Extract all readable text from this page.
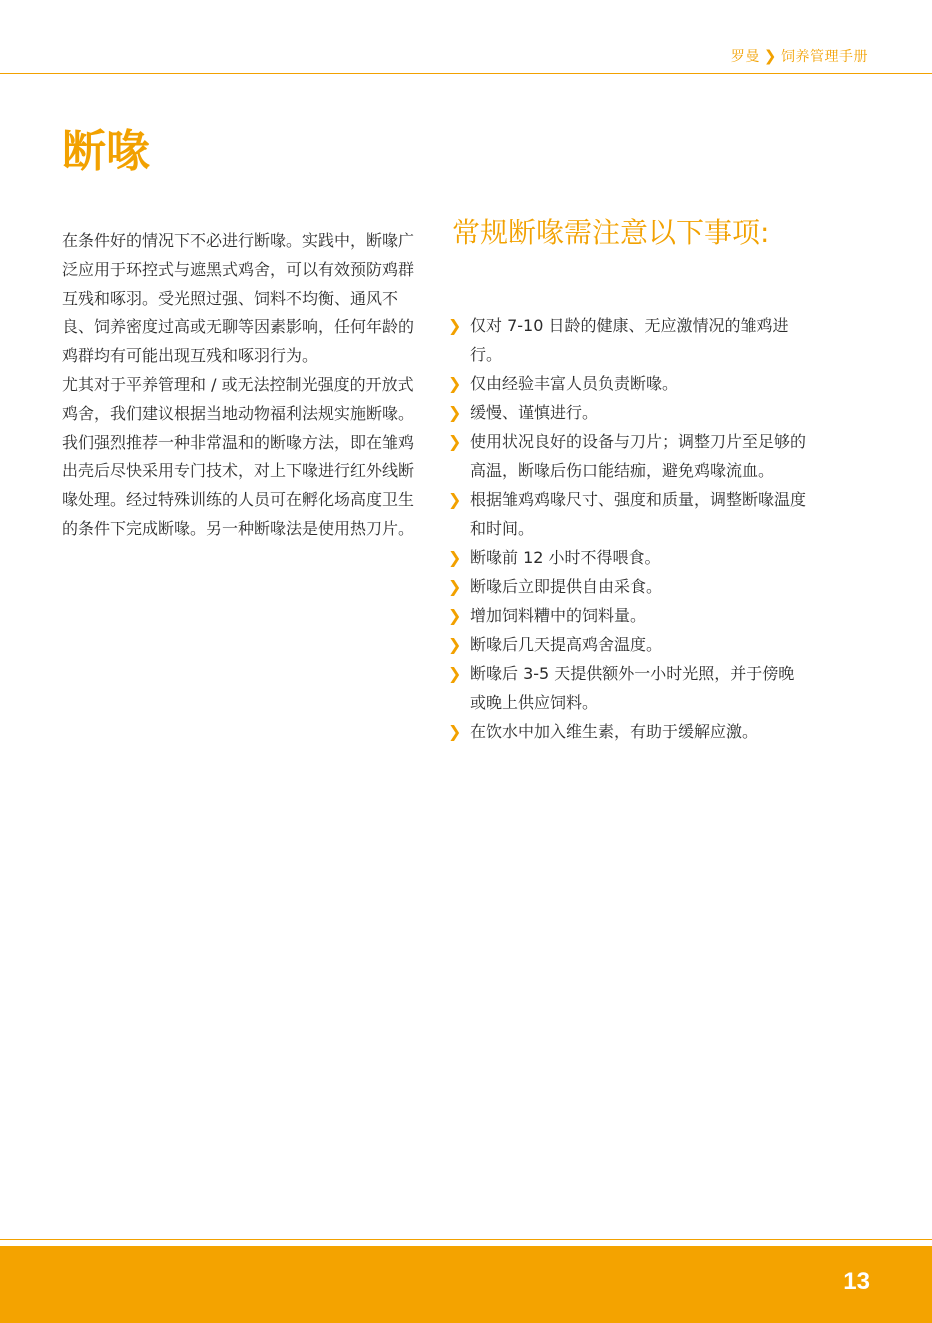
罗曼 ❯ 饲养管理手册
断喙

在条件好的情况下不必进行断喙。实践中，断喙广泛应用于环控式与遮黑式鸡舍，可以有效预防鸡群互残和啄羽。受光照过强、饲料不均衡、通风不良、饲养密度过高或无聊等因素影响，任何年龄的鸡群均有可能出现互残和啄羽行为。

尤其对于平养管理和 / 或无法控制光强度的开放式鸡舍，我们建议根据当地动物福利法规实施断喙。我们强烈推荐一种非常温和的断喙方法，即在雏鸡出壳后尽快采用专门技术，对上下喙进行红外线断喙处理。经过特殊训练的人员可在孵化场高度卫生的条件下完成断喙。另一种断喙法是使用热刀片。

常规断喙需注意以下事项:
❯ 仅对 7-10 日龄的健康、无应激情况的雏鸡进行。
❯ 仅由经验丰富人员负责断喙。
❯ 缓慢、谨慎进行。
❯ 使用状况良好的设备与刀片；调整刀片至足够的高温，断喙后伤口能结痂，避免鸡喙流血。
❯ 根据雏鸡鸡喙尺寸、强度和质量，调整断喙温度和时间。
❯ 断喙前 12 小时不得喂食。
❯ 断喙后立即提供自由采食。
❯ 增加饲料糟中的饲料量。
❯ 断喙后几天提高鸡舍温度。
❯ 断喙后 3-5 天提供额外一小时光照，并于傍晚或晚上供应饲料。
❯ 在饮水中加入维生素，有助于缓解应激。
13
